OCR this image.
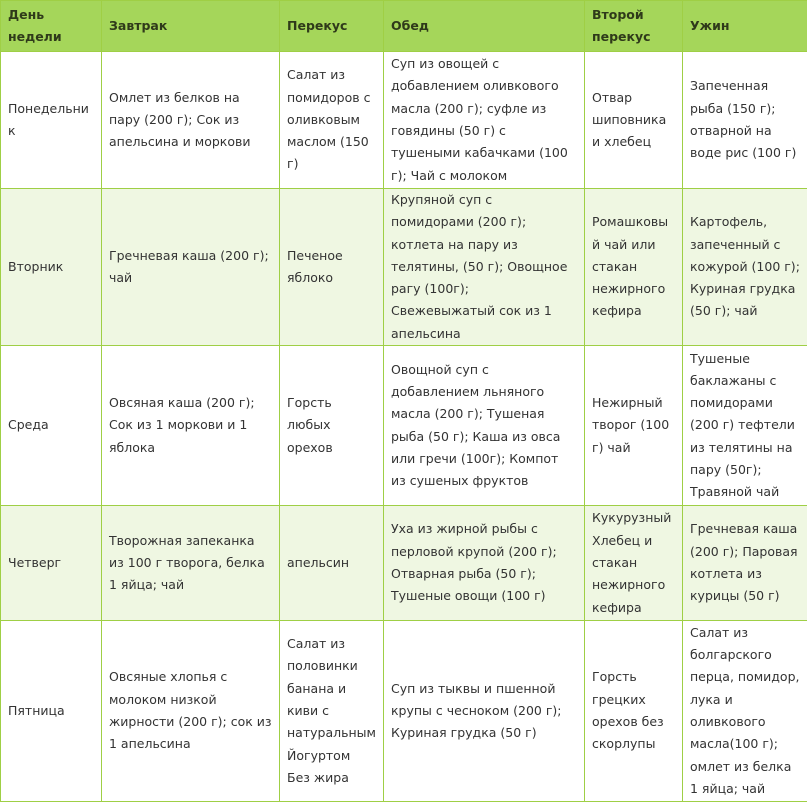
День недели	Завтрак	Перекус	Обед	Второй перекус	Ужин
Понедельник	Омлет из белков на пару (200 г); Сок из апельсина и моркови	Салат из помидоров с оливковым маслом (150 г)	Суп из овощей с добавлением оливкового масла (200 г); суфле из говядины (50 г) с тушеными кабачками (100 г); Чай с молоком	Отвар шиповника и хлебец	Запеченная рыба (150 г); отварной на воде рис (100 г)
Вторник	Гречневая каша (200 г); чай	Печеное яблоко	Крупяной суп с помидорами (200 г); котлета на пару из телятины, (50 г); Овощное рагу (100г); Свежевыжатый сок из 1 апельсина	Ромашковый чай или стакан нежирного кефира	Картофель, запеченный с кожурой (100 г); Куриная грудка (50 г); чай
Среда	Овсяная каша (200 г); Сок из 1 моркови и 1 яблока	Горсть любых орехов	Овощной суп с добавлением льняного масла (200 г); Тушеная рыба (50 г); Каша из овса или гречи (100г); Компот из сушеных фруктов	Нежирный творог (100 г) чай	Тушеные баклажаны с помидорами (200 г) тефтели из телятины на пару (50г); Травяной чай
Четверг	Творожная запеканка из 100 г творога, белка 1 яйца; чай	апельсин	Уха из жирной рыбы с перловой крупой (200 г); Отварная рыба (50 г); Тушеные овощи (100 г)	Кукурузный Хлебец и стакан нежирного кефира	Гречневая каша (200 г); Паровая котлета из курицы (50 г)
Пятница	Овсяные хлопья с молоком низкой жирности (200 г); сок из 1 апельсина	Салат из половинки банана и киви с натуральным Йогуртом Без жира	Суп из тыквы и пшенной крупы с чесноком (200 г); Куриная грудка (50 г)	Горсть грецких орехов без скорлупы	Салат из болгарского перца, помидор, лука и оливкового масла(100 г); омлет из белка 1 яйца; чай
